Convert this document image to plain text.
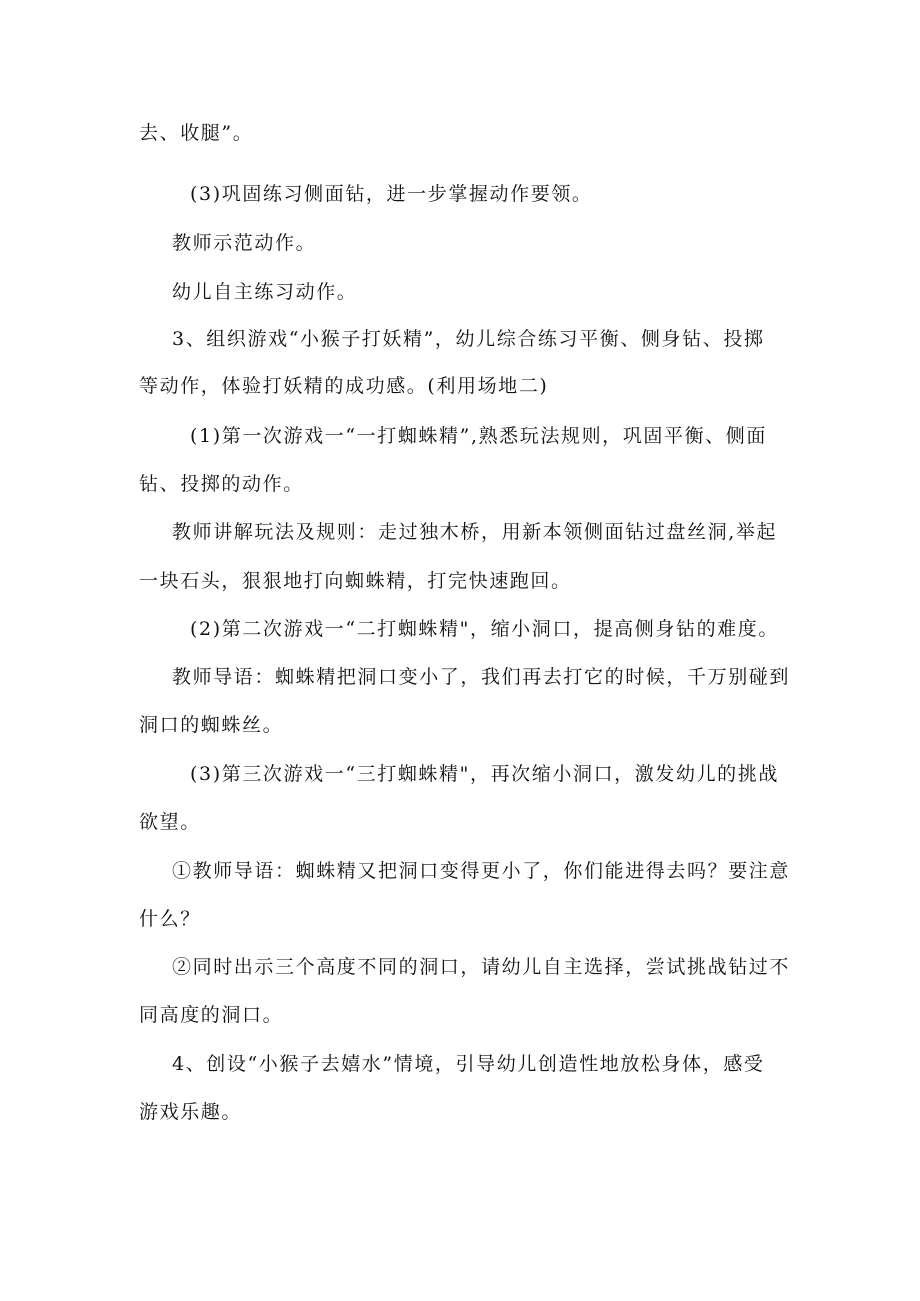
去、收腿”。
(3)巩固练习侧面钻，进一步掌握动作要领。
教师示范动作。
幼儿自主练习动作。
3、组织游戏“小猴子打妖精”，幼儿综合练习平衡、侧身钻、投掷
等动作，体验打妖精的成功感。(利用场地二)
(1)第一次游戏一“一打蜘蛛精”,熟悉玩法规则，巩固平衡、侧面
钻、投掷的动作。
教师讲解玩法及规则：走过独木桥，用新本领侧面钻过盘丝洞,举起
一块石头，狠狠地打向蜘蛛精，打完快速跑回。
(2)第二次游戏一“二打蜘蛛精"，缩小洞口，提高侧身钻的难度。
教师导语：蜘蛛精把洞口变小了，我们再去打它的时候，千万别碰到
洞口的蜘蛛丝。
(3)第三次游戏一“三打蜘蛛精"，再次缩小洞口，激发幼儿的挑战
欲望。
①教师导语：蜘蛛精又把洞口变得更小了，你们能进得去吗？要注意
什么？
②同时出示三个高度不同的洞口，请幼儿自主选择，尝试挑战钻过不
同高度的洞口。
4、创设“小猴子去嬉水”情境，引导幼儿创造性地放松身体，感受
游戏乐趣。
